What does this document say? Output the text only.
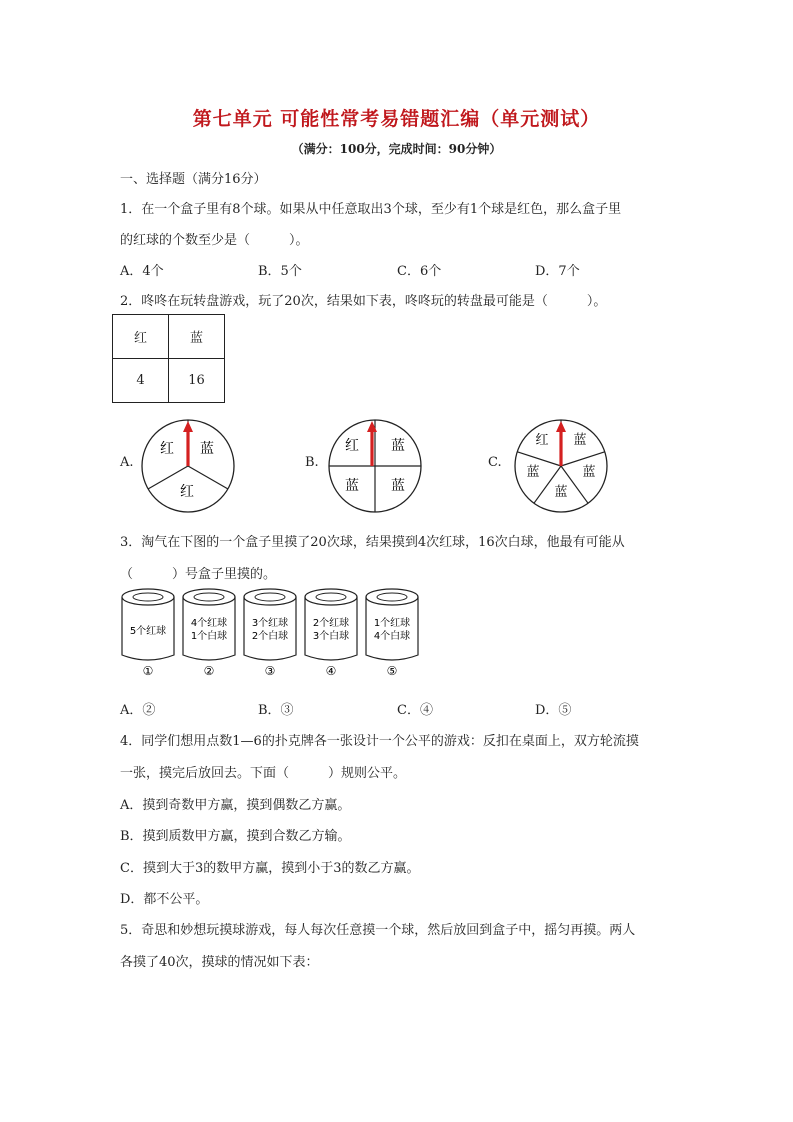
第七单元 可能性常考易错题汇编（单元测试）
（满分：100分，完成时间：90分钟）
一、选择题（满分16分）
1．在一个盒子里有8个球。如果从中任意取出3个球，至少有1个球是红色，那么盒子里
的红球的个数至少是（　　　）。
A．4个	B．5个	C．6个	D．7个
2．咚咚在玩转盘游戏，玩了20次，结果如下表，咚咚玩的转盘最可能是（　　　）。
红	蓝
4	16
A.	B.	C.
红 蓝
红
红 蓝
蓝 蓝
红 蓝
蓝
蓝
蓝
3．淘气在下图的一个盒子里摸了20次球，结果摸到4次红球，16次白球，他最有可能从
（　　　）号盒子里摸的。
5个红球
①
4个红球
1个白球
②
3个红球
2个白球
③
2个红球
3个白球
④
1个红球
4个白球
⑤
A．②	B．③	C．④	D．⑤
4．同学们想用点数1—6的扑克牌各一张设计一个公平的游戏：反扣在桌面上，双方轮流摸
一张，摸完后放回去。下面（　　　）规则公平。
A．摸到奇数甲方赢，摸到偶数乙方赢。
B．摸到质数甲方赢，摸到合数乙方输。
C．摸到大于3的数甲方赢，摸到小于3的数乙方赢。
D．都不公平。
5．奇思和妙想玩摸球游戏，每人每次任意摸一个球，然后放回到盒子中，摇匀再摸。两人
各摸了40次，摸球的情况如下表：
